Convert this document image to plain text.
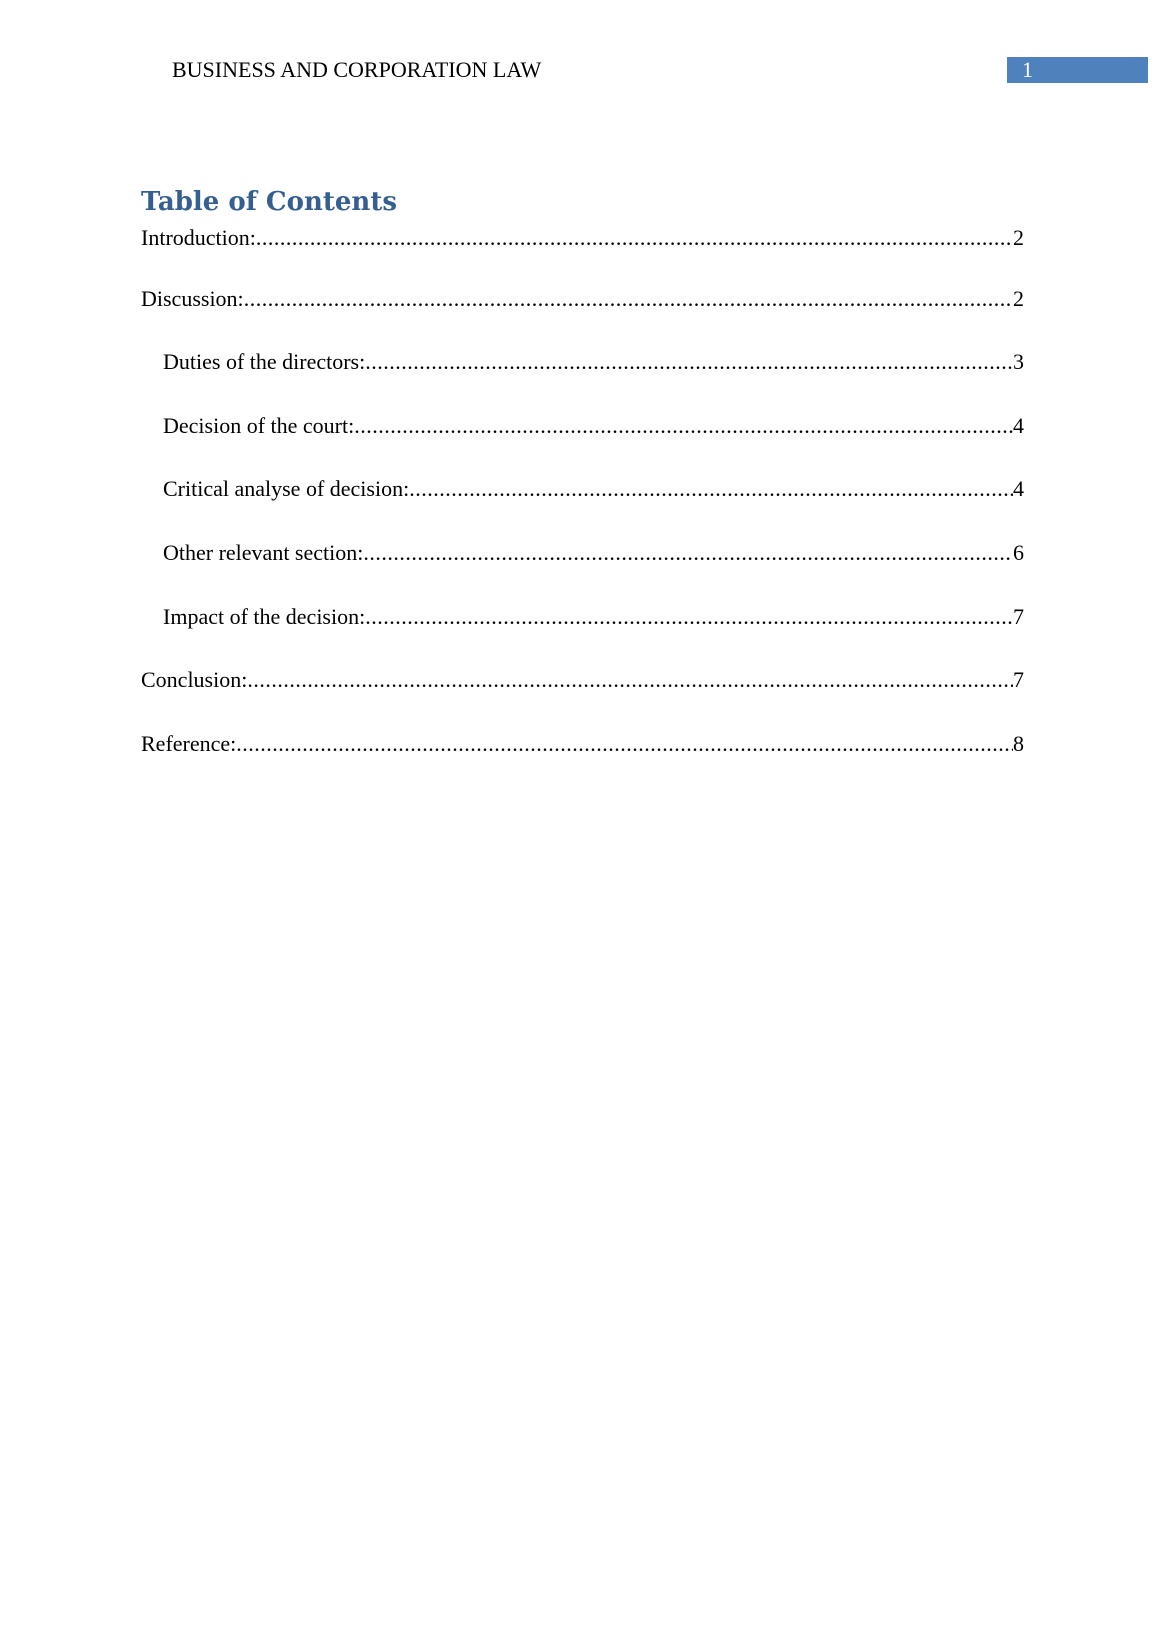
BUSINESS AND CORPORATION LAW	1
Table of Contents
Introduction: .....	2
Discussion: .....	2
Duties of the directors: .....	3
Decision of the court: .....	4
Critical analyse of decision: .....	4
Other relevant section: .....	6
Impact of the decision: .....	7
Conclusion: .....	7
Reference: .....	8
